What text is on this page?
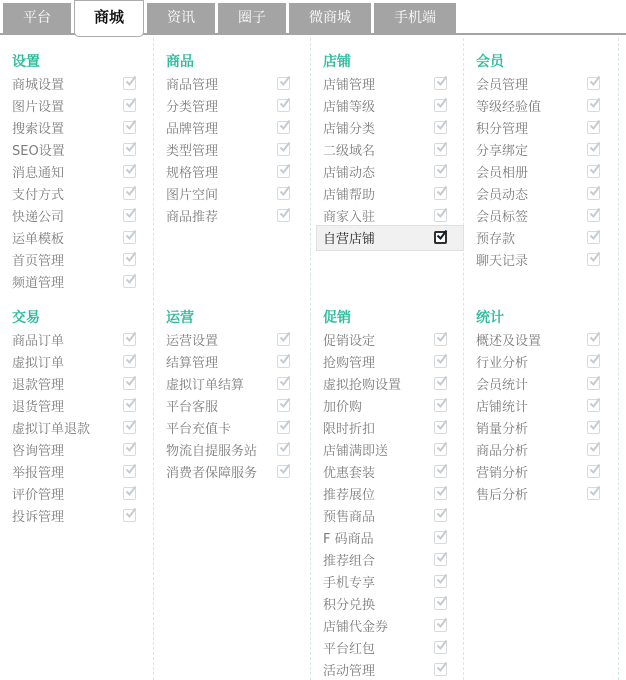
平台	商城	资讯	圈子	微商城	手机端
设置
商城设置
图片设置
搜索设置
SEO设置
消息通知
支付方式
快递公司
运单模板
首页管理
频道管理
交易
商品订单
虚拟订单
退款管理
退货管理
虚拟订单退款
咨询管理
举报管理
评价管理
投诉管理
商品
商品管理
分类管理
品牌管理
类型管理
规格管理
图片空间
商品推荐
运营
运营设置
结算管理
虚拟订单结算
平台客服
平台充值卡
物流自提服务站
消费者保障服务
店铺
店铺管理
店铺等级
店铺分类
二级域名
店铺动态
店铺帮助
商家入驻
自营店铺
促销
促销设定
抢购管理
虚拟抢购设置
加价购
限时折扣
店铺满即送
优惠套装
推荐展位
预售商品
F 码商品
推荐组合
手机专享
积分兑换
店铺代金券
平台红包
活动管理
会员
会员管理
等级经验值
积分管理
分享绑定
会员相册
会员动态
会员标签
预存款
聊天记录
统计
概述及设置
行业分析
会员统计
店铺统计
销量分析
商品分析
营销分析
售后分析
